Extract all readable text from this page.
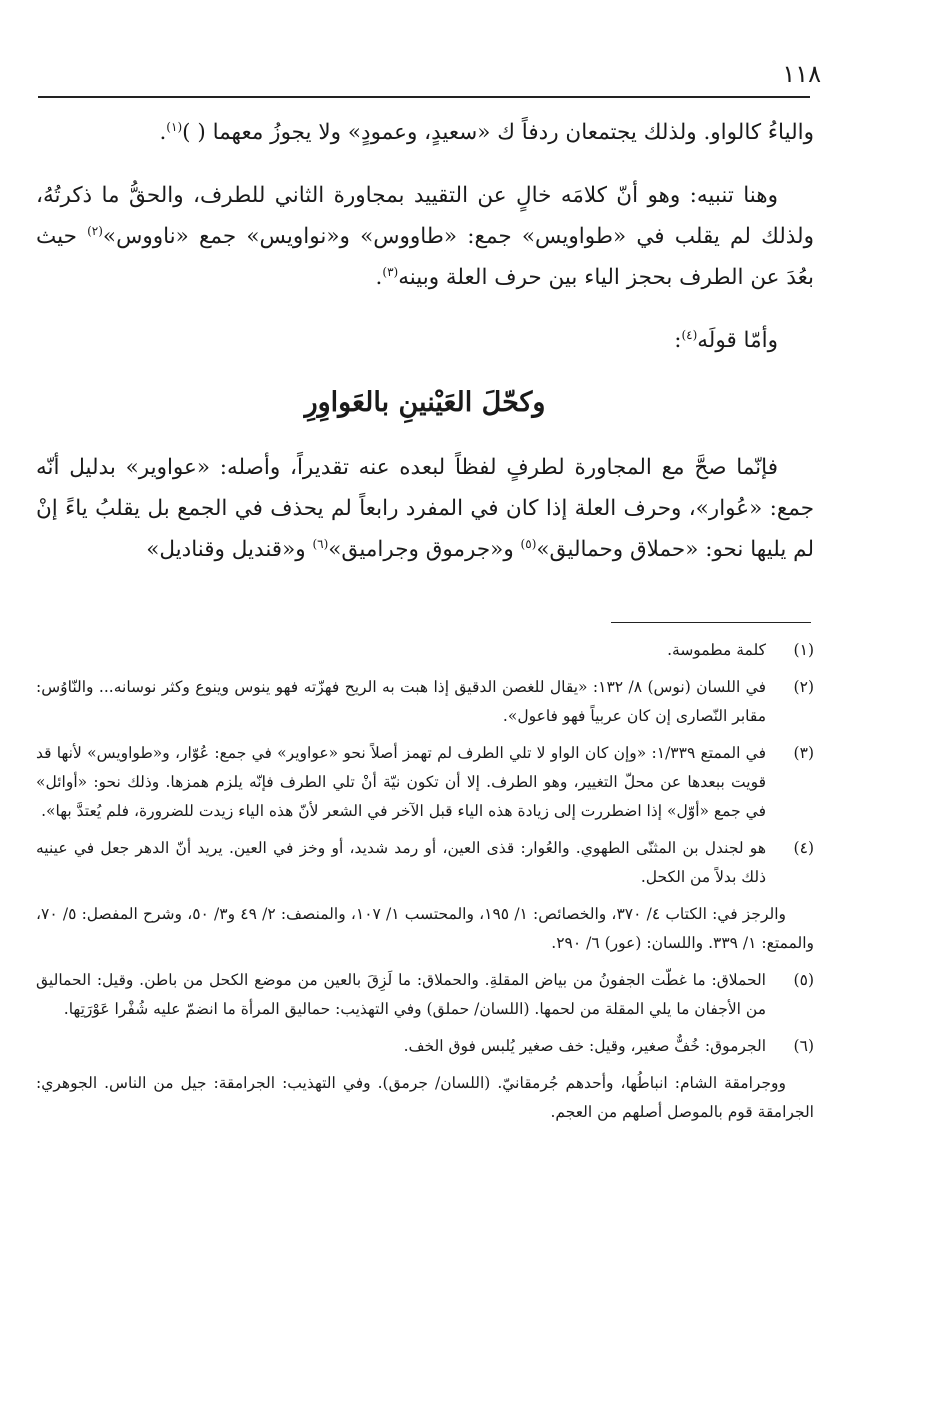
١١٨

والياءُ كالواو. ولذلك يجتمعان ردفاً ك «سعيدٍ، وعمودٍ» ولا يجوزُ معهما ( )$^{(١)}$.

وهنا تنبيه: وهو أنّ كلامَه خالٍ عن التقييد بمجاورة الثاني للطرف، والحقُّ ما ذكرتُهُ، ولذلك لم يقلب في «طواويس» جمع: «طاووس» و«نواويس» جمع «ناووس»$^{(٢)}$ حيث بعُدَ عن الطرف بحجز الياء بين حرف العلة وبينه$^{(٣)}$.

وأمّا قولَه$^{(٤)}$:

وكحّلَ العَيْنينِ بالعَواوِرِ

فإنّما صحَّ مع المجاورة لطرفٍ لفظاً لبعده عنه تقديراً، وأصله: «عواوير» بدليل أنّه جمع: «عُوار»، وحرف العلة إذا كان في المفرد رابعاً لم يحذف في الجمع بل يقلبُ ياءً إنْ لم يليها نحو: «حملاق وحماليق»$^{(٥)}$ و«جرموق وجراميق»$^{(٦)}$ و«قنديل وقناديل»

(١)
كلمة مطموسة.
(٢)
في اللسان (نوس) ٨/ ١٣٢: «يقال للغصن الدقيق إذا هبت به الريح فهزّته فهو ينوس وينوع وكثر نوسانه... والنّاوُس: مقابر النّصارى إن كان عربياً فهو فاعول».
(٣)
في الممتع ١/٣٣٩: «وإن كان الواو لا تلي الطرف لم تهمز أصلاً نحو «عواوير» في جمع: عُوّار، و«طواويس» لأنها قد قويت ببعدها عن محلّ التغيير، وهو الطرف. إلا أن تكون نيّة أنْ تلي الطرف فإنّه يلزم همزها. وذلك نحو: «أوائل» في جمع «أوّل» إذا اضطررت إلى زيادة هذه الياء قبل الآخر في الشعر لأنّ هذه الياء زيدت للضرورة، فلم يُعتدَّ بها».
(٤)
هو لجندل بن المثنّى الطهوي. والعُوار: قذى العين، أو رمد شديد، أو وخز في العين. يريد أنّ الدهر جعل في عينيه ذلك بدلاً من الكحل.
والرجز في: الكتاب ٤/ ٣٧٠، والخصائص: ١/ ١٩٥، والمحتسب ١/ ١٠٧، والمنصف: ٢/ ٤٩ و٣/ ٥٠، وشرح المفصل: ٥/ ٧٠، والممتع: ١/ ٣٣٩. واللسان: (عور) ٦/ ٢٩٠.
(٥)
الحملاق: ما غطّت الجفونُ من بياض المقلةِ. والحملاق: ما لَزِقَ بالعين من موضع الكحل من باطن. وقيل: الحماليق من الأجفان ما يلي المقلة من لحمها. (اللسان/ حملق) وفي التهذيب: حماليق المرأة ما انضمّ عليه شُفْرا عَوْرَتِها.
(٦)
الجرموق: خُفٌّ صغير، وقيل: خف صغير يُلبس فوق الخف.
ووجرامقة الشام: انباطُها، وأحدهم جُرمقانيّ. (اللسان/ جرمق). وفي التهذيب: الجرامقة: جيل من الناس. الجوهري: الجرامقة قوم بالموصل أصلهم من العجم.
